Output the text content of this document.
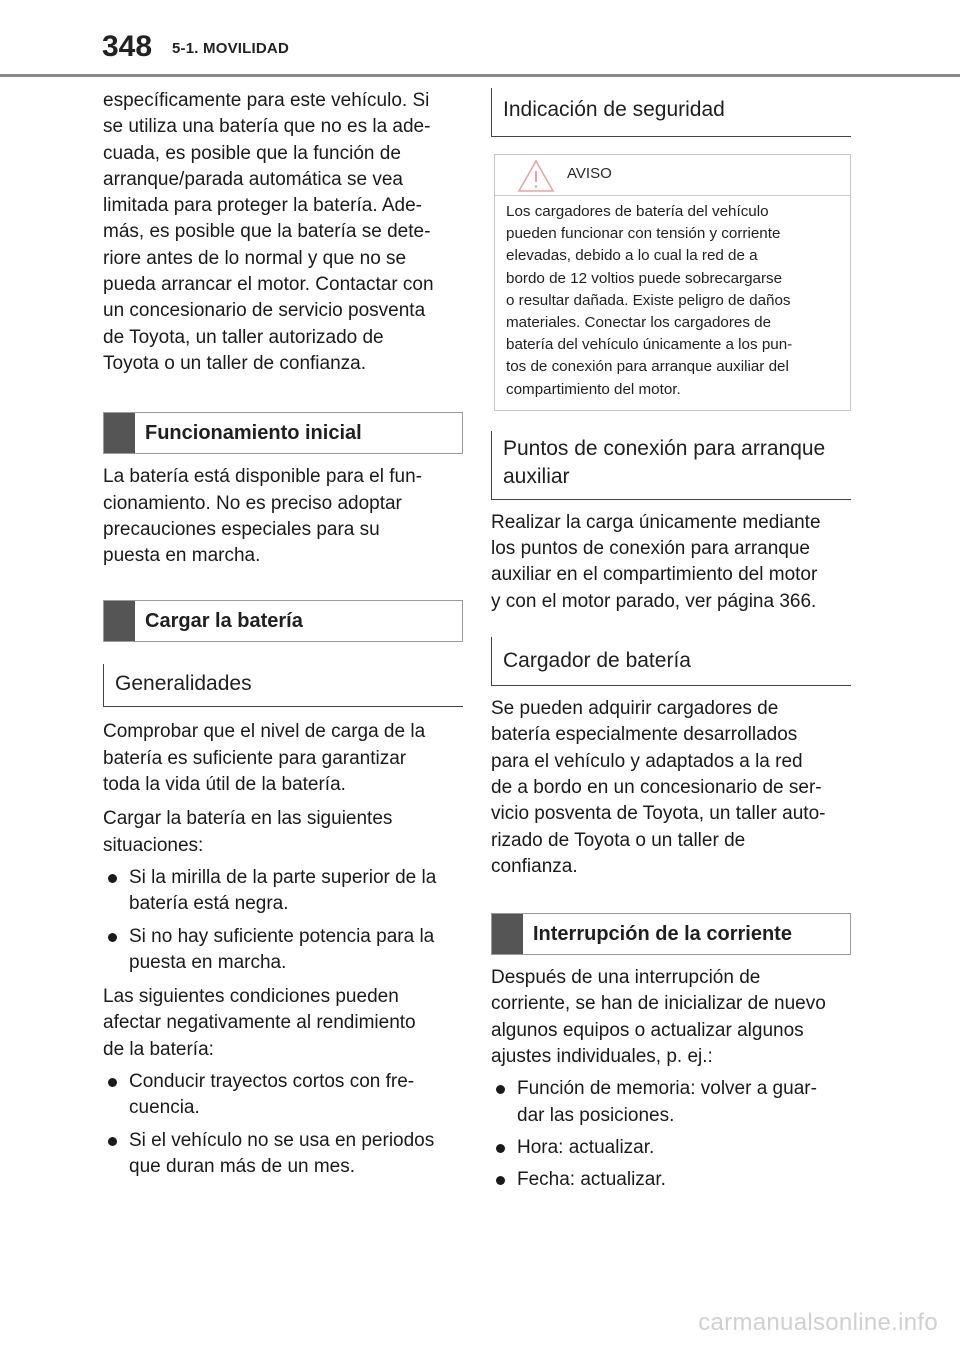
348 5-1. MOVILIDAD

específicamente para este vehículo. Si

se utiliza una batería que no es la ade-

cuada, es posible que la función de

arranque/parada automática se vea

limitada para proteger la batería. Ade-

más, es posible que la batería se dete-

riore antes de lo normal y que no se

pueda arrancar el motor. Contactar con

un concesionario de servicio posventa

de Toyota, un taller autorizado de

Toyota o un taller de confianza.

Funcionamiento inicial

La batería está disponible para el fun-

cionamiento. No es preciso adoptar

precauciones especiales para su

puesta en marcha.

Cargar la batería
Generalidades

Comprobar que el nivel de carga de la

batería es suficiente para garantizar

toda la vida útil de la batería.

Cargar la batería en las siguientes

situaciones:

Si la mirilla de la parte superior de la
batería está negra.
Si no hay suficiente potencia para la
puesta en marcha.

Las siguientes condiciones pueden

afectar negativamente al rendimiento

de la batería:

Conducir trayectos cortos con fre-
cuencia.
Si el vehículo no se usa en periodos
que duran más de un mes.
Indicación de seguridad
AVISO
Los cargadores de batería del vehículo
pueden funcionar con tensión y corriente
elevadas, debido a lo cual la red de a
bordo de 12 voltios puede sobrecargarse
o resultar dañada. Existe peligro de daños
materiales. Conectar los cargadores de
batería del vehículo únicamente a los pun-
tos de conexión para arranque auxiliar del
compartimiento del motor.
Puntos de conexión para arranque
auxiliar

Realizar la carga únicamente mediante

los puntos de conexión para arranque

auxiliar en el compartimiento del motor

y con el motor parado, ver página 366.

Cargador de batería

Se pueden adquirir cargadores de

batería especialmente desarrollados

para el vehículo y adaptados a la red

de a bordo en un concesionario de ser-

vicio posventa de Toyota, un taller auto-

rizado de Toyota o un taller de

confianza.

Interrupción de la corriente

Después de una interrupción de

corriente, se han de inicializar de nuevo

algunos equipos o actualizar algunos

ajustes individuales, p. ej.:

Función de memoria: volver a guar-
dar las posiciones.
Hora: actualizar.
Fecha: actualizar.
carmanualsonline.info
